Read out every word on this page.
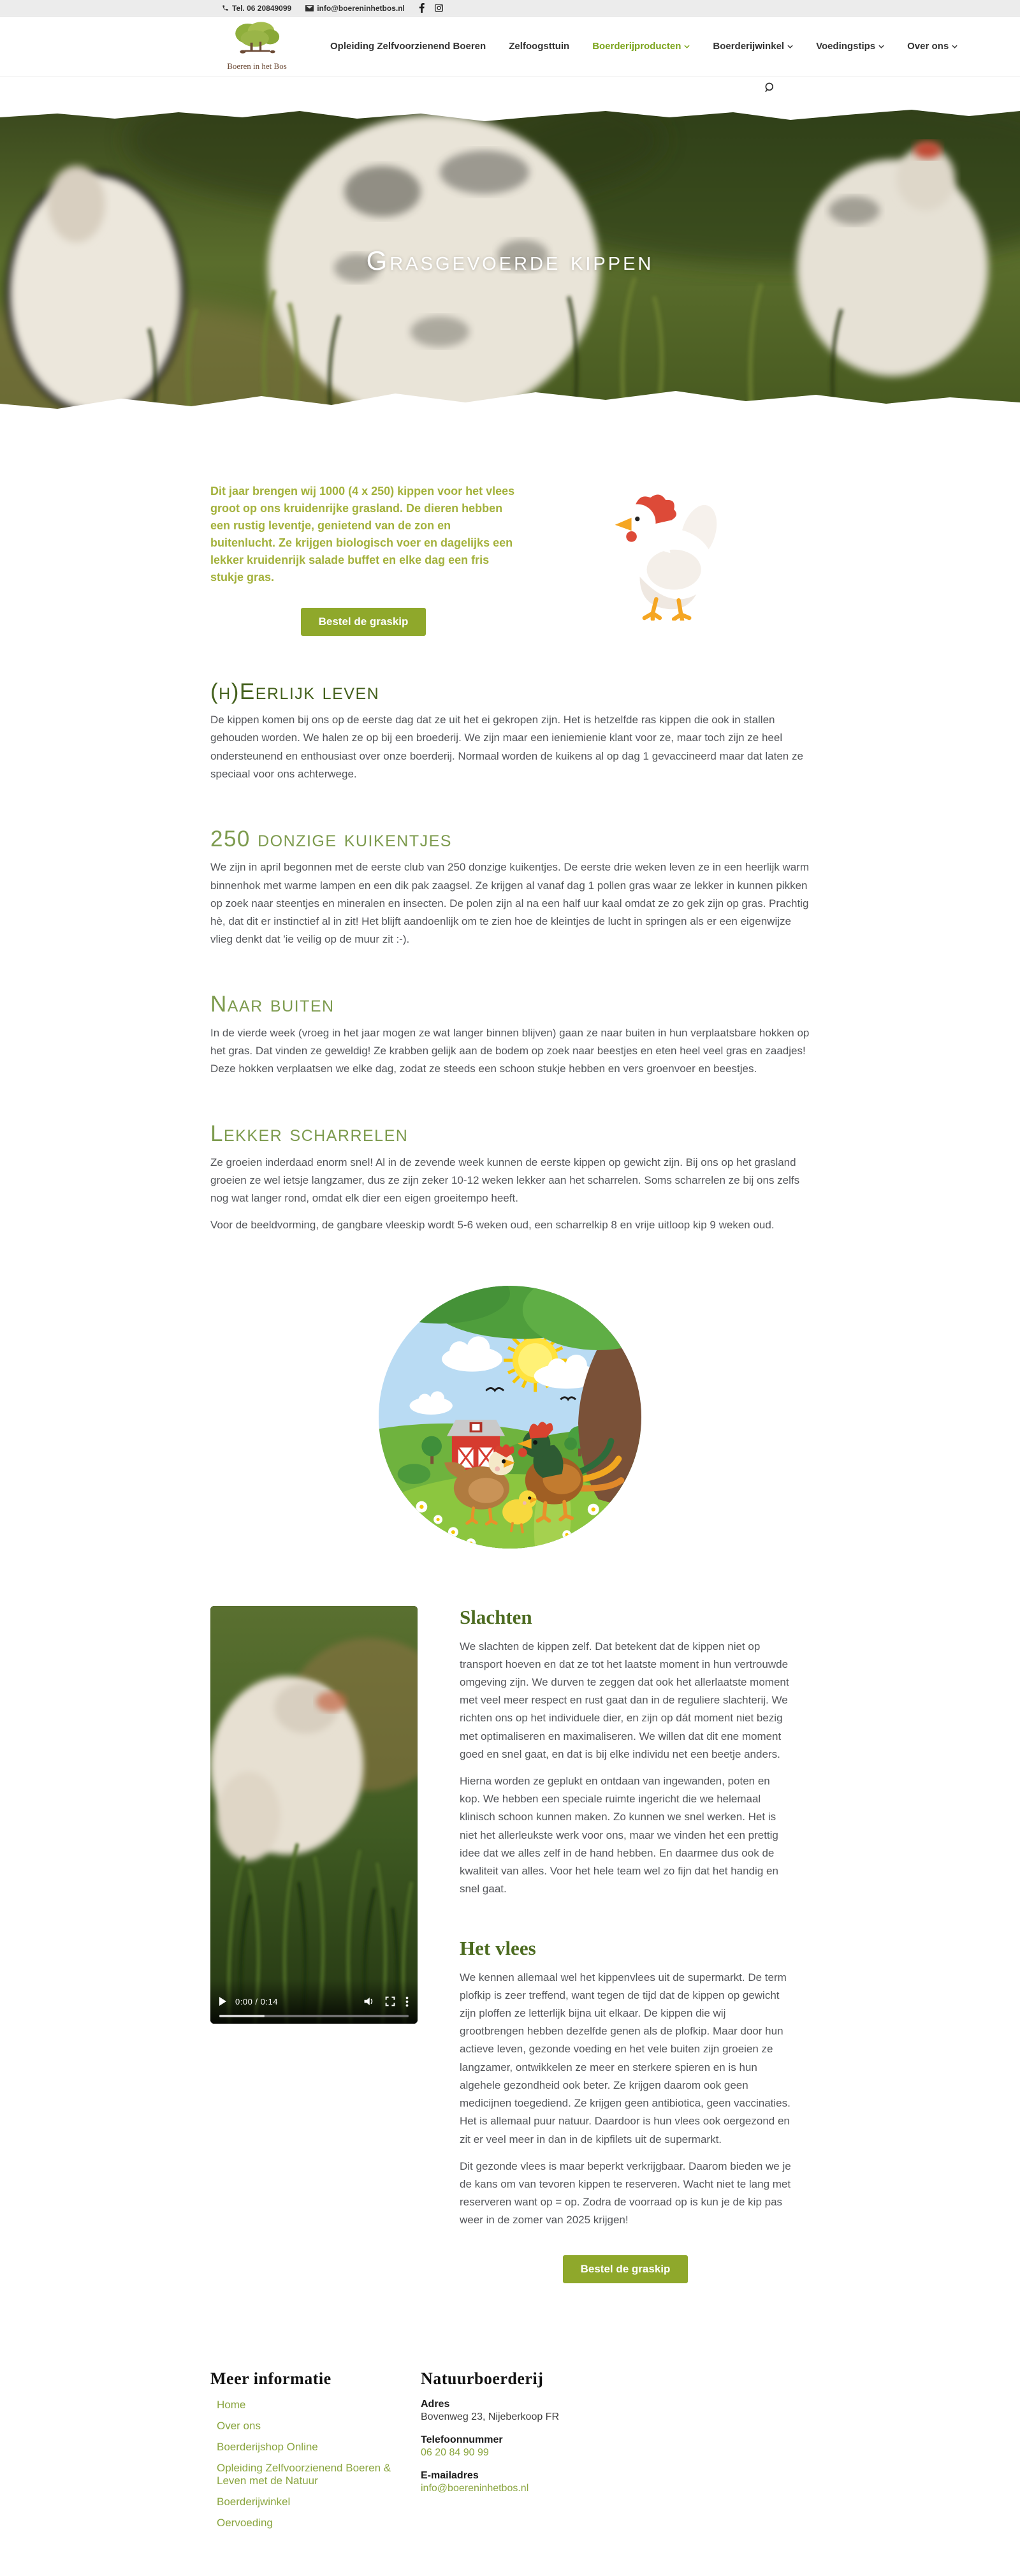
Tel. 06 20849099	info@boereninhetbos.nl
Boeren in het Bos
Opleiding Zelfvoorzienend Boeren Zelfoogsttuin Boerderijproducten	Boerderijwinkel	Voedingstips	Over ons
Grasgevoerde kippen

Dit jaar brengen wij 1000 (4 x 250) kippen voor het vlees groot op ons kruidenrijke grasland. De dieren hebben een rustig leventje, genietend van de zon en buitenlucht. Ze krijgen biologisch voer en dagelijks een lekker kruidenrijk salade buffet en elke dag een fris stukje gras.

Bestel de graskip
(h)Eerlijk leven

De kippen komen bij ons op de eerste dag dat ze uit het ei gekropen zijn. Het is hetzelfde ras kippen die ook in stallen gehouden worden. We halen ze op bij een broederij. We zijn maar een ieniemienie klant voor ze, maar toch zijn ze heel ondersteunend en enthousiast over onze boerderij. Normaal worden de kuikens al op dag 1 gevaccineerd maar dat laten ze speciaal voor ons achterwege.

250 donzige kuikentjes

We zijn in april begonnen met de eerste club van 250 donzige kuikentjes. De eerste drie weken leven ze in een heerlijk warm binnenhok met warme lampen en een dik pak zaagsel. Ze krijgen al vanaf dag 1 pollen gras waar ze lekker in kunnen pikken op zoek naar steentjes en mineralen en insecten. De polen zijn al na een half uur kaal omdat ze zo gek zijn op gras. Prachtig hè, dat dit er instinctief al in zit! Het blijft aandoenlijk om te zien hoe de kleintjes de lucht in springen als er een eigenwijze vlieg denkt dat 'ie veilig op de muur zit :-).

Naar buiten

In de vierde week (vroeg in het jaar mogen ze wat langer binnen blijven) gaan ze naar buiten in hun verplaatsbare hokken op het gras. Dat vinden ze geweldig! Ze krabben gelijk aan de bodem op zoek naar beestjes en eten heel veel gras en zaadjes! Deze hokken verplaatsen we elke dag, zodat ze steeds een schoon stukje hebben en vers groenvoer en beestjes.

Lekker scharrelen

Ze groeien inderdaad enorm snel! Al in de zevende week kunnen de eerste kippen op gewicht zijn. Bij ons op het grasland groeien ze wel ietsje langzamer, dus ze zijn zeker 10-12 weken lekker aan het scharrelen. Soms scharrelen ze bij ons zelfs nog wat langer rond, omdat elk dier een eigen groeitempo heeft.

Voor de beeldvorming, de gangbare vleeskip wordt 5-6 weken oud, een scharrelkip 8 en vrije uitloop kip 9 weken oud.

0:00 / 0:14
Slachten

We slachten de kippen zelf. Dat betekent dat de kippen niet op transport hoeven en dat ze tot het laatste moment in hun vertrouwde omgeving zijn. We durven te zeggen dat ook het allerlaatste moment met veel meer respect en rust gaat dan in de reguliere slachterij. We richten ons op het individuele dier, en zijn op dát moment niet bezig met optimaliseren en maximaliseren. We willen dat dit ene moment goed en snel gaat, en dat is bij elke individu net een beetje anders.

Hierna worden ze geplukt en ontdaan van ingewanden, poten en kop. We hebben een speciale ruimte ingericht die we helemaal klinisch schoon kunnen maken. Zo kunnen we snel werken. Het is niet het allerleukste werk voor ons, maar we vinden het een prettig idee dat we alles zelf in de hand hebben. En daarmee dus ook de kwaliteit van alles. Voor het hele team wel zo fijn dat het handig en snel gaat.

Het vlees

We kennen allemaal wel het kippenvlees uit de supermarkt. De term plofkip is zeer treffend, want tegen de tijd dat de kippen op gewicht zijn ploffen ze letterlijk bijna uit elkaar. De kippen die wij grootbrengen hebben dezelfde genen als de plofkip. Maar door hun actieve leven, gezonde voeding en het vele buiten zijn groeien ze langzamer, ontwikkelen ze meer en sterkere spieren en is hun algehele gezondheid ook beter. Ze krijgen daarom ook geen medicijnen toegediend. Ze krijgen geen antibiotica, geen vaccinaties. Het is allemaal puur natuur. Daardoor is hun vlees ook oergezond en zit er veel meer in dan in de kipfilets uit de supermarkt.

Dit gezonde vlees is maar beperkt verkrijgbaar. Daarom bieden we je de kans om van tevoren kippen te reserveren. Wacht niet te lang met reserveren want op = op. Zodra de voorraad op is kun je de kip pas weer in de zomer van 2025 krijgen!

Bestel de graskip
Meer informatie
Home
Over ons
Boerderijshop Online
Opleiding Zelfvoorzienend Boeren & Leven met de Natuur
Boerderijwinkel
Oervoeding
Natuurboerderij
Adres
Bovenweg 23, Nijeberkoop FR
Telefoonnummer
06 20 84 90 99
E-mailadres
info@boereninhetbos.nl
